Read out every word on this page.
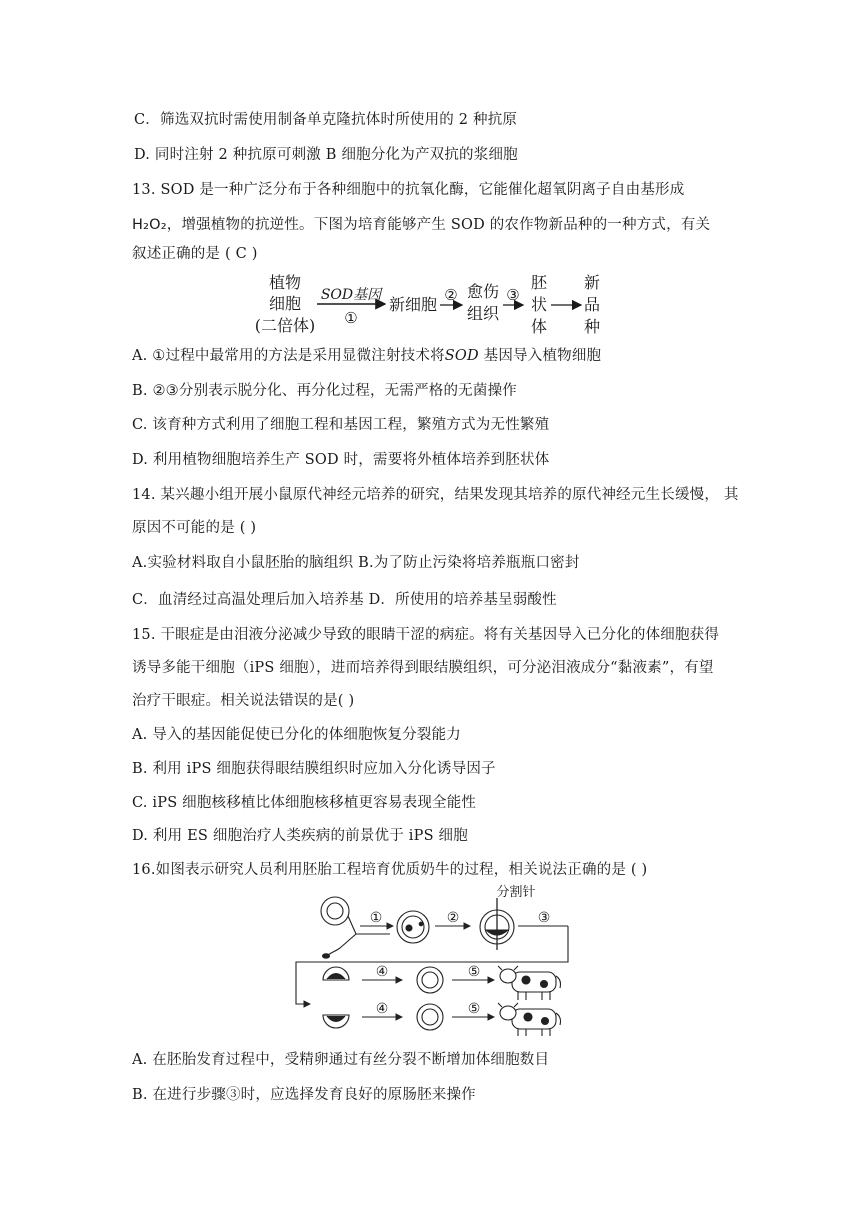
C．筛选双抗时需使用制备单克隆抗体时所使用的 2 种抗原
D. 同时注射 2 种抗原可刺激 B 细胞分化为产双抗的浆细胞
13. SOD 是一种广泛分布于各种细胞中的抗氧化酶，它能催化超氧阴离子自由基形成
H₂O₂，增强植物的抗逆性。下图为培育能够产生 SOD 的农作物新品种的一种方式，有关
叙述正确的是 ( C )
植物
细胞
(二倍体)
SOD基因
①
新细胞 ② 愈伤
组织
③
胚
状
体
新
品
种
A. ①过程中最常用的方法是采用显微注射技术将SOD 基因导入植物细胞
B. ②③分别表示脱分化、再分化过程，无需严格的无菌操作
C. 该育种方式利用了细胞工程和基因工程，繁殖方式为无性繁殖
D. 利用植物细胞培养生产 SOD 时，需要将外植体培养到胚状体
14. 某兴趣小组开展小鼠原代神经元培养的研究，结果发现其培养的原代神经元生长缓慢， 其
原因不可能的是 ( )
A.实验材料取自小鼠胚胎的脑组织 B.为了防止污染将培养瓶瓶口密封
C．血清经过高温处理后加入培养基 D．所使用的培养基呈弱酸性
15. 干眼症是由泪液分泌减少导致的眼睛干涩的病症。将有关基因导入已分化的体细胞获得
诱导多能干细胞（iPS 细胞），进而培养得到眼结膜组织，可分泌泪液成分“黏液素”，有望
治疗干眼症。相关说法错误的是( )
A. 导入的基因能促使已分化的体细胞恢复分裂能力
B. 利用 iPS 细胞获得眼结膜组织时应加入分化诱导因子
C. iPS 细胞核移植比体细胞核移植更容易表现全能性
D. 利用 ES 细胞治疗人类疾病的前景优于 iPS 细胞
16.如图表示研究人员利用胚胎工程培育优质奶牛的过程，相关说法正确的是 ( )
分割针
①	②	③
④
④
⑤
⑤
A. 在胚胎发育过程中，受精卵通过有丝分裂不断增加体细胞数目
B. 在进行步骤③时，应选择发育良好的原肠胚来操作
